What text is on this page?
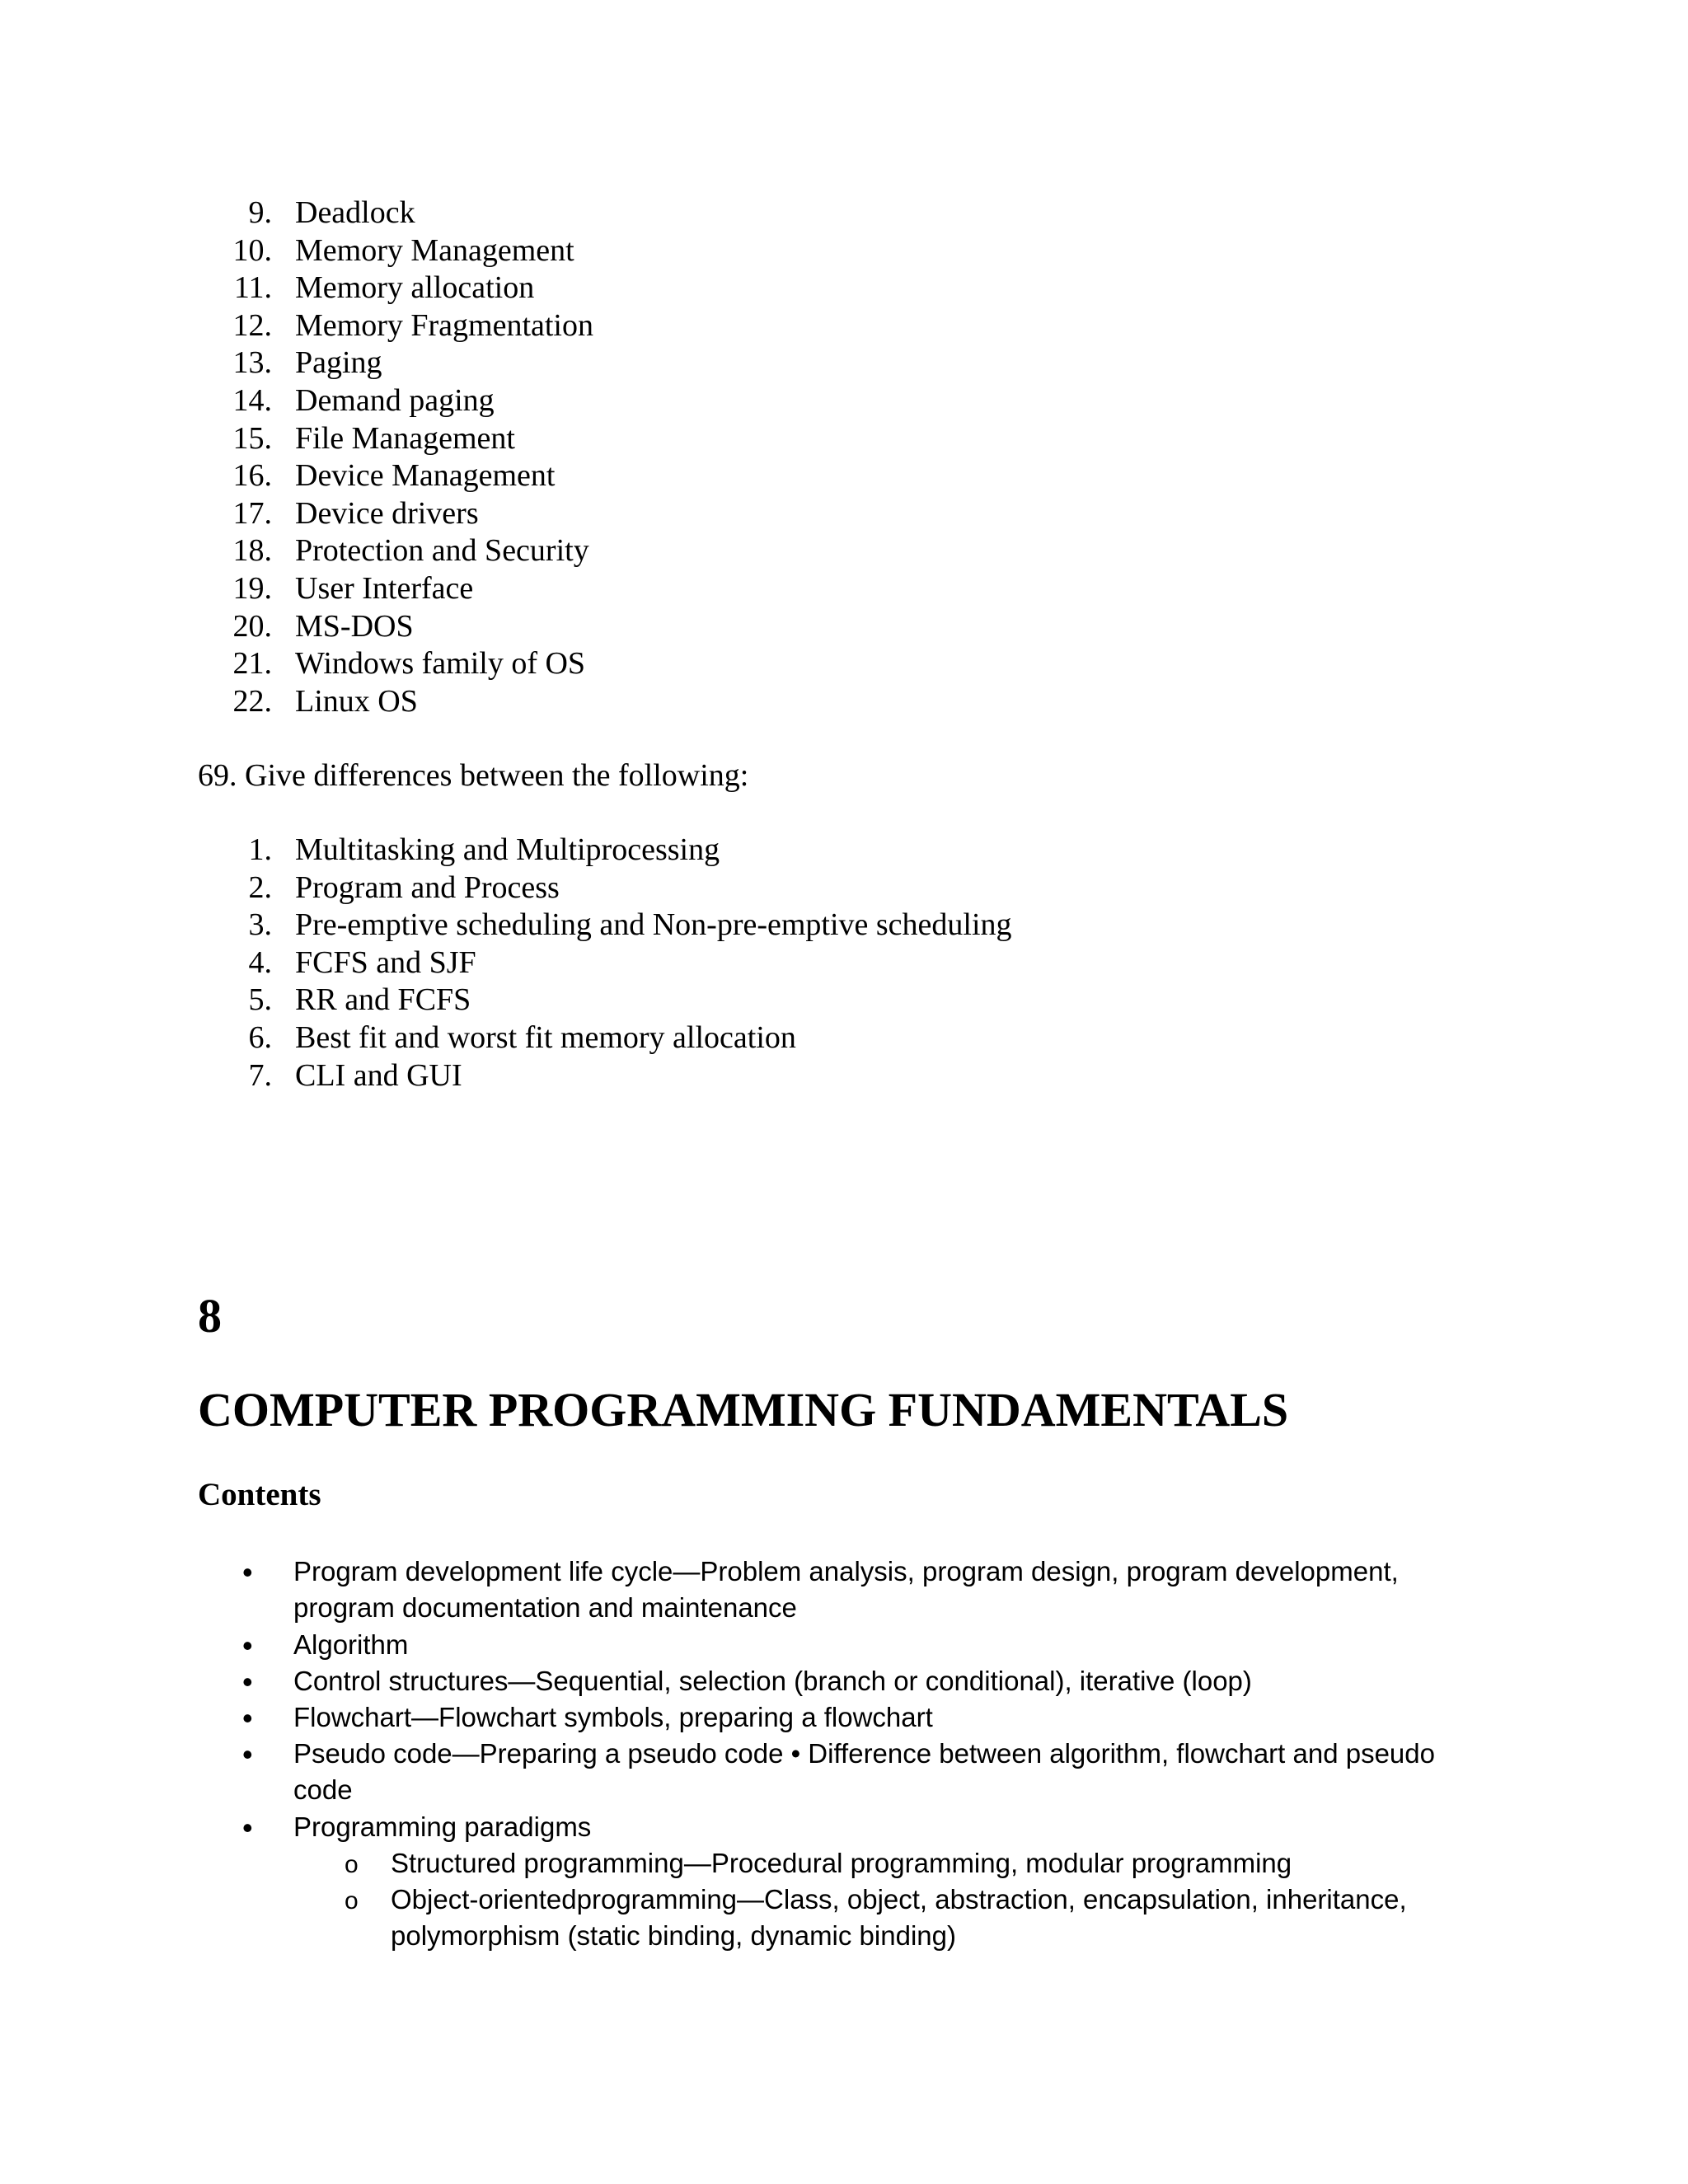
9. Deadlock
10. Memory Management
11. Memory allocation
12. Memory Fragmentation
13. Paging
14. Demand paging
15. File Management
16. Device Management
17. Device drivers
18. Protection and Security
19. User Interface
20. MS-DOS
21. Windows family of OS
22. Linux OS
69. Give differences between the following:
1. Multitasking and Multiprocessing
2. Program and Process
3. Pre-emptive scheduling and Non-pre-emptive scheduling
4. FCFS and SJF
5. RR and FCFS
6. Best fit and worst fit memory allocation
7. CLI and GUI
8
COMPUTER PROGRAMMING FUNDAMENTALS
Contents
• Program development life cycle—Problem analysis, program design, program development,
program documentation and maintenance
• Algorithm
• Control structures—Sequential, selection (branch or conditional), iterative (loop)
• Flowchart—Flowchart symbols, preparing a flowchart
• Pseudo code—Preparing a pseudo code • Difference between algorithm, flowchart and pseudo
code
• Programming paradigms
o Structured programming—Procedural programming, modular programming
o Object-orientedprogramming—Class, object, abstraction, encapsulation, inheritance,
polymorphism (static binding, dynamic binding)
